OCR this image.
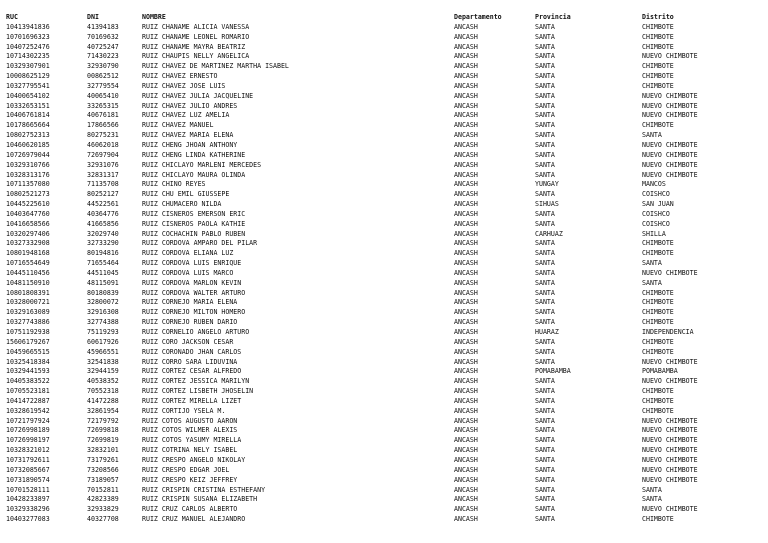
RUC	DNI	NOMBRE	Departamento	Provincia	Distrito
10413941836	41394183	RUIZ CHANAME ALICIA VANESSA	ANCASH	SANTA	CHIMBOTE
10701696323	70169632	RUIZ CHANAME LEONEL ROMARIO	ANCASH	SANTA	CHIMBOTE
10407252476	40725247	RUIZ CHANAME MAYRA BEATRIZ	ANCASH	SANTA	CHIMBOTE
10714302235	71430223	RUIZ CHAUPIS NELLY ANGELICA	ANCASH	SANTA	NUEVO CHIMBOTE
10329307901	32930790	RUIZ CHAVEZ DE MARTINEZ MARTHA ISABEL	ANCASH	SANTA	CHIMBOTE
10008625129	00862512	RUIZ CHAVEZ ERNESTO	ANCASH	SANTA	CHIMBOTE
10327795541	32779554	RUIZ CHAVEZ JOSE LUIS	ANCASH	SANTA	CHIMBOTE
10400654102	40065410	RUIZ CHAVEZ JULIA JACQUELINE	ANCASH	SANTA	NUEVO CHIMBOTE
10332653151	33265315	RUIZ CHAVEZ JULIO ANDRES	ANCASH	SANTA	NUEVO CHIMBOTE
10406761814	40676181	RUIZ CHAVEZ LUZ AMELIA	ANCASH	SANTA	NUEVO CHIMBOTE
10178665664	17866566	RUIZ CHAVEZ MANUEL	ANCASH	SANTA	CHIMBOTE
10802752313	80275231	RUIZ CHAVEZ MARIA ELENA	ANCASH	SANTA	SANTA
10460620185	46062018	RUIZ CHENG JHOAN ANTHONY	ANCASH	SANTA	NUEVO CHIMBOTE
10726979044	72697904	RUIZ CHENG LINDA KATHERINE	ANCASH	SANTA	NUEVO CHIMBOTE
10329310766	32931076	RUIZ CHICLAYO MARLENI MERCEDES	ANCASH	SANTA	NUEVO CHIMBOTE
10328313176	32831317	RUIZ CHICLAYO MAURA OLINDA	ANCASH	SANTA	NUEVO CHIMBOTE
10711357080	71135708	RUIZ CHINO REYES	ANCASH	YUNGAY	MANCOS
10802521273	80252127	RUIZ CHU EMIL GIUSSEPE	ANCASH	SANTA	COISHCO
10445225610	44522561	RUIZ CHUMACERO NILDA	ANCASH	SIHUAS	SAN JUAN
10403647760	40364776	RUIZ CISNEROS EMERSON ERIC	ANCASH	SANTA	COISHCO
10416658566	41665856	RUIZ CISNEROS PAOLA KATHIE	ANCASH	SANTA	COISHCO
10320297406	32029740	RUIZ COCHACHIN PABLO RUBEN	ANCASH	CARHUAZ	SHILLA
10327332908	32733290	RUIZ CORDOVA AMPARO DEL PILAR	ANCASH	SANTA	CHIMBOTE
10801948168	80194816	RUIZ CORDOVA ELIANA LUZ	ANCASH	SANTA	CHIMBOTE
10716554649	71655464	RUIZ CORDOVA LUIS ENRIQUE	ANCASH	SANTA	SANTA
10445110456	44511045	RUIZ CORDOVA LUIS MARCO	ANCASH	SANTA	NUEVO CHIMBOTE
10481150910	48115091	RUIZ CORDOVA MARLON KEVIN	ANCASH	SANTA	SANTA
10801808391	80180839	RUIZ CORDOVA WALTER ARTURO	ANCASH	SANTA	CHIMBOTE
10328000721	32800072	RUIZ CORNEJO MARIA ELENA	ANCASH	SANTA	CHIMBOTE
10329163089	32916308	RUIZ CORNEJO MILTON HOMERO	ANCASH	SANTA	CHIMBOTE
10327743886	32774388	RUIZ CORNEJO RUBEN DARIO	ANCASH	SANTA	CHIMBOTE
10751192938	75119293	RUIZ CORNELIO ANGELO ARTURO	ANCASH	HUARAZ	INDEPENDENCIA
15606179267	60617926	RUIZ CORO JACKSON CESAR	ANCASH	SANTA	CHIMBOTE
10459665515	45966551	RUIZ CORONADO JHAN CARLOS	ANCASH	SANTA	CHIMBOTE
10325418384	32541838	RUIZ CORRO SARA LIDUVINA	ANCASH	SANTA	NUEVO CHIMBOTE
10329441593	32944159	RUIZ CORTEZ CESAR ALFREDO	ANCASH	POMABAMBA	POMABAMBA
10405383522	40538352	RUIZ CORTEZ JESSICA MARILYN	ANCASH	SANTA	NUEVO CHIMBOTE
10705523181	70552318	RUIZ CORTEZ LISBETH JHOSELIN	ANCASH	SANTA	CHIMBOTE
10414722887	41472288	RUIZ CORTEZ MIRELLA LIZET	ANCASH	SANTA	CHIMBOTE
10328619542	32861954	RUIZ CORTIJO YSELA M.	ANCASH	SANTA	CHIMBOTE
10721797924	72179792	RUIZ COTOS AUGUSTO AARON	ANCASH	SANTA	NUEVO CHIMBOTE
10726998189	72699818	RUIZ COTOS WILMER ALEXIS	ANCASH	SANTA	NUEVO CHIMBOTE
10726998197	72699819	RUIZ COTOS YASUMY MIRELLA	ANCASH	SANTA	NUEVO CHIMBOTE
10328321012	32832101	RUIZ COTRINA NELY ISABEL	ANCASH	SANTA	NUEVO CHIMBOTE
10731792611	73179261	RUIZ CRESPO ANGELO NIKOLAY	ANCASH	SANTA	NUEVO CHIMBOTE
10732085667	73208566	RUIZ CRESPO EDGAR JOEL	ANCASH	SANTA	NUEVO CHIMBOTE
10731890574	73189057	RUIZ CRESPO KEIZ JEFFREY	ANCASH	SANTA	NUEVO CHIMBOTE
10701528111	70152811	RUIZ CRISPIN CRISTINA ESTHEFANY	ANCASH	SANTA	SANTA
10428233897	42823389	RUIZ CRISPIN SUSANA ELIZABETH	ANCASH	SANTA	SANTA
10329338296	32933829	RUIZ CRUZ CARLOS ALBERTO	ANCASH	SANTA	NUEVO CHIMBOTE
10403277083	40327708	RUIZ CRUZ MANUEL ALEJANDRO	ANCASH	SANTA	CHIMBOTE
